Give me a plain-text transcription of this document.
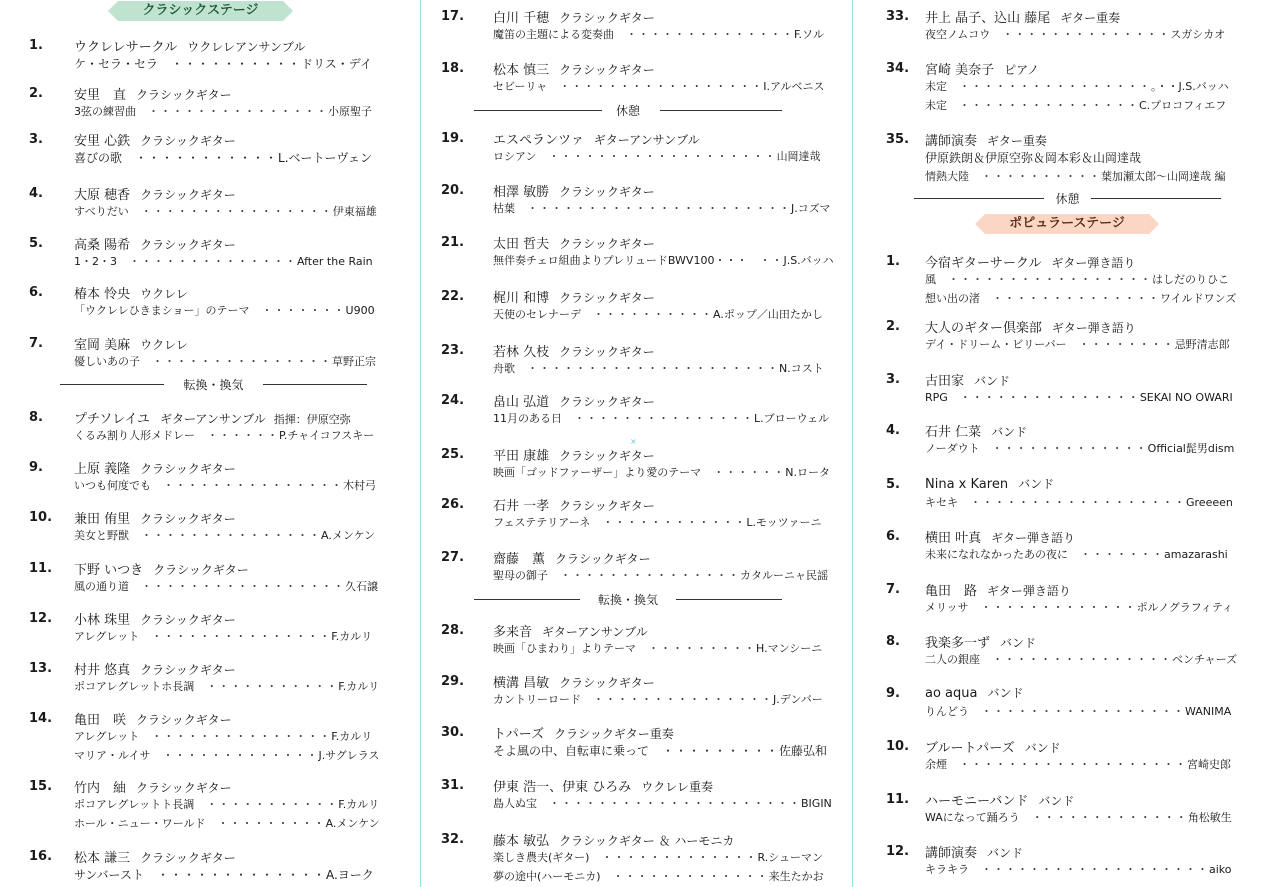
クラシックステージ
1. ウクレレサークル ウクレレアンサンブル
ケ・セラ・セラ　・・・・・・・・・・ドリス・デイ
2. 安里　直 クラシックギター
3弦の練習曲　・・・・・・・・・・・・・・・小原聖子
3. 安里 心鉄 クラシックギター
喜びの歌　・・・・・・・・・・・L.ベートーヴェン
4. 大原 穂香 クラシックギター
すべりだい　・・・・・・・・・・・・・・・・伊東福雄
5. 高桑 陽希 クラシックギター
1・2・3　・・・・・・・・・・・・・・After the Rain
6. 椿本 怜央 ウクレレ
「ウクレレひきまショー」のテーマ　・・・・・・・U900
7. 室岡 美麻 ウクレレ
優しいあの子　・・・・・・・・・・・・・・・草野正宗
8. プチソレイユ ギターアンサンブル 指揮：伊原空弥
くるみ割り人形メドレー　・・・・・・P.チャイコフスキー
9. 上原 義隆 クラシックギター
いつも何度でも　・・・・・・・・・・・・・・・木村弓
10. 兼田 侑里 クラシックギター
美女と野獣　・・・・・・・・・・・・・・・A.メンケン
11. 下野 いつき クラシックギター
風の通り道　・・・・・・・・・・・・・・・・・久石譲
12. 小林 珠里 クラシックギター
アレグレット　・・・・・・・・・・・・・・・F.カルリ
13. 村井 悠真 クラシックギター
ポコアレグレットホ長調　・・・・・・・・・・・F.カルリ
14. 亀田　咲 クラシックギター
アレグレット　・・・・・・・・・・・・・・・F.カルリ
マリア・ルイサ　・・・・・・・・・・・・・J.サグレラス
15. 竹内　紬 クラシックギター
ポコアレグレットト長調　・・・・・・・・・・・F.カルリ
ホール・ニュー・ワールド　・・・・・・・・・A.メンケン
16. 松本 謙三 クラシックギター
サンバースト　・・・・・・・・・・・・・A.ヨーク
転換・換気
17. 白川 千穂 クラシックギター
魔笛の主題による変奏曲　・・・・・・・・・・・・・・F.ソル
18. 松本 慎三 クラシックギター
セビーリャ　・・・・・・・・・・・・・・・・・I.アルベニス
19. エスペランツァ ギターアンサンブル
ロシアン　・・・・・・・・・・・・・・・・・・・山岡達哉
20. 相澤 敏勝 クラシックギター
枯葉　・・・・・・・・・・・・・・・・・・・・・・J.コズマ
21. 太田 哲夫 クラシックギター
無伴奏チェロ組曲よりプレリュードBWV100・・・　・・J.S.バッハ
22. 梶川 和博 クラシックギター
天使のセレナーデ　・・・・・・・・・・A.ポップ／山田たかし
23. 若林 久枝 クラシックギター
舟歌　・・・・・・・・・・・・・・・・・・・・・N.コスト
24. 畠山 弘道 クラシックギター
11月のある日　・・・・・・・・・・・・・・・L.ブローウェル
25. 平田 康雄 クラシックギター
映画「ゴッドファーザー」より愛のテーマ　・・・・・・N.ロータ
26. 石井 一孝 クラシックギター
フェステテリアーネ　・・・・・・・・・・・・L.モッツァーニ
27. 齋藤　薫 クラシックギター
聖母の御子　・・・・・・・・・・・・・・・カタルーニャ民謡
28. 多来音 ギターアンサンブル
映画「ひまわり」よりテーマ　・・・・・・・・・H.マンシーニ
29. 横溝 昌敏 クラシックギター
カントリーロード　・・・・・・・・・・・・・・・J.デンバー
30. トパーズ クラシックギター重奏
そよ風の中、自転車に乗って　・・・・・・・・・佐藤弘和
31. 伊東 浩一、伊東 ひろみ ウクレレ重奏
島人ぬ宝　・・・・・・・・・・・・・・・・・・・・・BIGIN
32. 藤本 敏弘 クラシックギター ＆ ハーモニカ
楽しき農夫(ギター)　・・・・・・・・・・・・・R.シューマン
夢の途中(ハーモニカ)　・・・・・・・・・・・・・来生たかお
休憩
転換・換気
33. 井上 晶子、込山 藤尾 ギター重奏
夜空ノムコウ　・・・・・・・・・・・・・・スガシカオ
34. 宮崎 美奈子 ピアノ
未定　・・・・・・・・・・・・・・・・。・・J.S.バッハ
未定　・・・・・・・・・・・・・・・C.プロコフィエフ
35. 講師演奏 ギター重奏
伊原鉄朗＆伊原空弥＆岡本彩＆山岡達哉
情熱大陸　・・・・・・・・・・葉加瀬太郎～山岡達哉 編
休憩
ポピュラーステージ
1. 今宿ギターサークル ギター弾き語り
風　・・・・・・・・・・・・・・・・・はしだのりひこ
想い出の渚　・・・・・・・・・・・・・・ワイルドワンズ
2. 大人のギター倶楽部 ギター弾き語り
デイ・ドリーム・ビリーバー　・・・・・・・・忌野清志郎
3. 古田家 バンド
RPG　・・・・・・・・・・・・・・・SEKAI NO OWARI
4. 石井 仁菜 バンド
ノーダウト　・・・・・・・・・・・・・Official髭男dism
5. Nina x Karen バンド
キセキ　・・・・・・・・・・・・・・・・・・Greeeen
6. 横田 叶真 ギター弾き語り
未来になれなかったあの夜に　・・・・・・・amazarashi
7. 亀田　路 ギター弾き語り
メリッサ　・・・・・・・・・・・・・ポルノグラフィティ
8. 我楽多一ず バンド
二人の銀座　・・・・・・・・・・・・・・・ベンチャーズ
9. ao aqua バンド
りんどう　・・・・・・・・・・・・・・・・・WANIMA
10. ブルートパーズ バンド
余煙　・・・・・・・・・・・・・・・・・・・宮崎史郎
11. ハーモニーバンド バンド
WAになって踊ろう　・・・・・・・・・・・・・角松敏生
12. 講師演奏 バンド
キラキラ　・・・・・・・・・・・・・・・・・・・aiko
×
